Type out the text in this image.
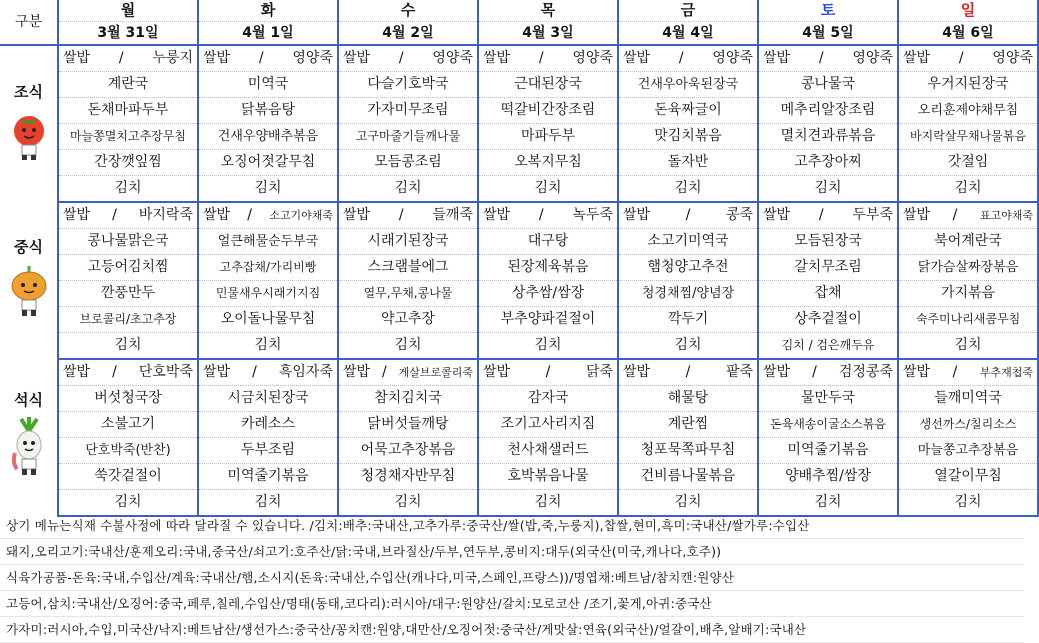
구분	월	화	수	목	금	토	일
	3월 31일	4월 1일	4월 2일	4월 3일	4월 4일	4월 5일	4월 6일

조식	쌀밥 / 누룽지	쌀밥 / 영양죽	쌀밥 / 영양죽	쌀밥 / 영양죽	쌀밥 / 영양죽	쌀밥 / 영양죽	쌀밥 / 영양죽

	계란국	미역국	다슬기호박국	근대된장국	건새우아욱된장국	콩나물국	우거지된장국
	돈채마파두부	닭볶음탕	가자미무조림	떡갈비간장조림	돈육짜글이	메추리알장조림	오리훈제야채무침
	마늘쫑멸치고추장무침	건새우양배추볶음	고구마줄기들깨나물	마파두부	맛김치볶음	멸치견과류볶음	바지락살무채나물볶음
	간장깻잎찜	오징어젓갈무침	모듬콩조림	오복지무침	돌자반	고추장아찌	갓절임
	김치	김치	김치	김치	김치	김치	김치

중식	쌀밥 / 바지락죽	쌀밥 / 소고기야채죽	쌀밥 / 들깨죽	쌀밥 / 녹두죽	쌀밥 / 콩죽	쌀밥 / 두부죽	쌀밥 / 표고야채죽

	콩나물맑은국	얼큰해물순두부국	시래기된장국	대구탕	소고기미역국	모듬된장국	북어계란국
	고등어김치찜	고추잡채/가리비빵	스크램블에그	된장제육볶음	햄청양고추전	갈치무조림	닭가슴살짜장볶음
	깐풍만두	민물새우시래기지짐	열무,무채,콩나물	상추쌈/쌈장	청경채찜/양념장	잡채	가지볶음
	브로콜리/초고추장	오이돌나물무침	약고추장	부추양파겉절이	깍두기	상추겉절이	숙주미나리새콤무침
	김치	김치	김치	김치	김치	김치 / 검은깨두유	김치

석식	쌀밥 / 단호박죽	쌀밥 / 흑임자죽	쌀밥 / 게살브로콜리죽	쌀밥 / 닭죽	쌀밥 / 팥죽	쌀밥 / 검정콩죽	쌀밥 / 부추재첩죽

	버섯청국장	시금치된장국	참치김치국	감자국	해물탕	물만두국	들깨미역국
	소불고기	카레소스	닭버섯들깨탕	조기고사리지짐	계란찜	돈육새송이굴소스볶음	생선까스/칠리소스
	단호박죽(반찬)	두부조림	어묵고추장볶음	천사채샐러드	청포묵쪽파무침	미역줄기볶음	마늘쫑고추장볶음
	쑥갓겉절이	미역줄기볶음	청경채자반무침	호박볶음나물	건비름나물볶음	양배추찜/쌈장	열갈이무침
	김치	김치	김치	김치	김치	김치	김치
상기 메뉴는식재 수불사정에 따라 달라질 수 있습니다. /김치:배추:국내산,고추가루:중국산/쌀(밥,죽,누룽지),찹쌀,현미,흑미:국내산/쌀가루:수입산
돼지,오리고기:국내산/훈제오리:국내,중국산/쇠고기:호주산/닭:국내,브라질산/두부,연두부,콩비지:대두(외국산(미국,캐나다,호주))
식육가공품-돈육:국내,수입산/계육:국내산/햄,소시지(돈육:국내산,수입산(캐나다,미국,스페인,프랑스))/명엽채:베트남/참치캔:원양산
고등어,삼치:국내산/오징어:중국,페루,칠레,수입산/명태(동태,코다리):러시아/대구:원양산/갈치:모로코산 /조기,꽃게,아귀:중국산
가자미:러시아,수입,미국산/낙지:베트남산/생선가스:중국산/꽁치캔:원양,대만산/오징어젓:중국산/게맛살:연육(외국산)/얼갈이,배추,알배기:국내산
